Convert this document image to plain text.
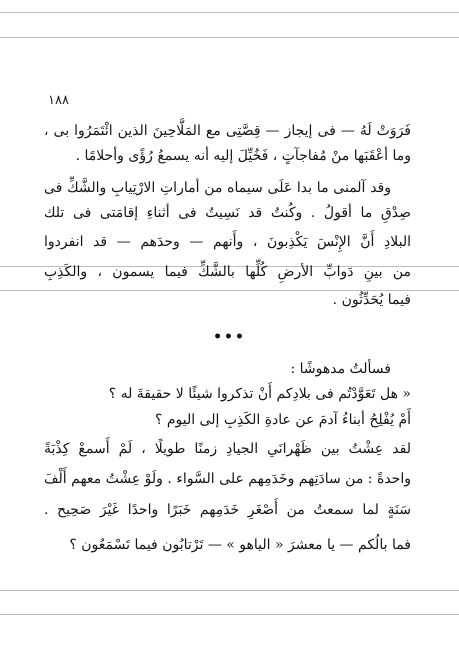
١٨٨
فَرَوَتْ لَهُ — فى إيجاز — قِصَّتِى مع المَلَّاحِينَ الذين ائْتَمَرُوا بى ،
وما أعْقَبَها منْ مُفاجآتٍ ، فَخُيِّلَ إليه أنه يسمعُ رُؤًى وأحلامًا .
وقد آلمنى ما بدا عَلَى سيماه من أماراتِ الارْتِيابِ والشَّكِّ فى
صِدْقِ ما أقولُ . وكُنتُ قد نَسِيتُ فى أثناءِ إقامَتى فى تلك
البلادِ أَنَّ الإِنْسَ يَكْذِبونَ ، وأَنهم — وحدَهم — قد انفردوا
من بينِ دَوابِّ الأرضِ كُلِّها بالشَّكِّ فيما يسمون ، والكَذِبِ
فيما يُحَدِّثُون .
•••
فسألتُ مدهوشًا :
« هل تَعَوَّدْتُم فى بلادِكم أَنْ تذكروا شيئًا لا حقيقةَ له ؟
أَمْ يُفْلِحُ أبناءُ آدمَ عن عادةِ الكَذِبِ إلى اليوم ؟
لقد عِشْتُ بين ظَهْرانَىِ الجيادِ زمنًا طويلًا ، لَمْ أَسمعْ كِذْبَةً
واحدةً : من سادَتِهم وخَدَمِهم على السَّواء . ولَوْ عِشْتُ معهم أَلْفَ
سَنَةٍ لما سمعتُ من أَصْغَرِ خَدَمِهم خَبَرًا واحدًا غَيْرَ صَحِيح .
فما بالُكم — يا معشرَ « الياهو » — تَرْتابُون فيما تَسْمَعُون ؟
